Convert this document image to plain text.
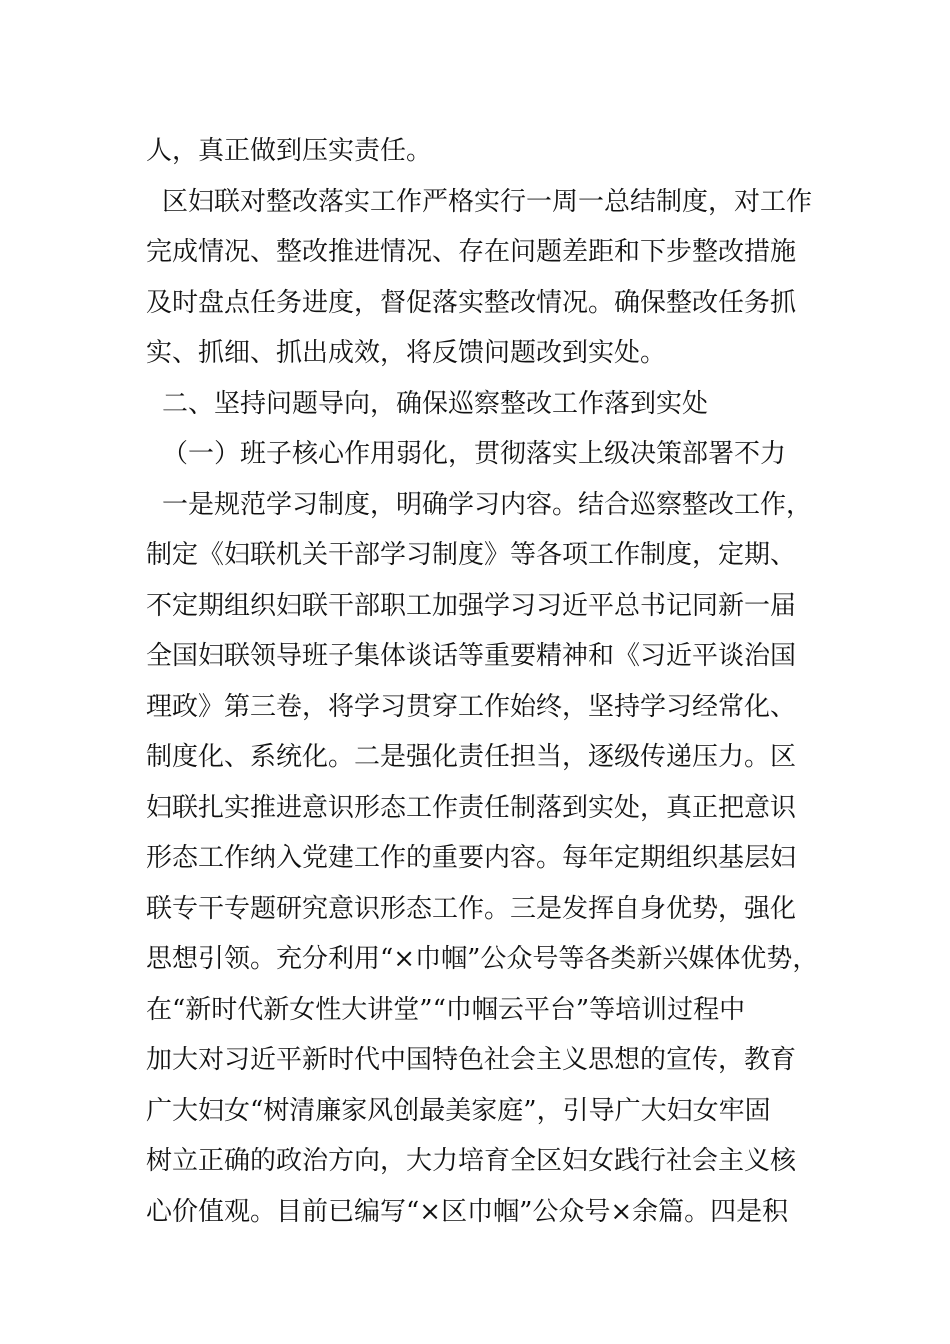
人，真正做到压实责任。
区妇联对整改落实工作严格实行一周一总结制度，对工作
完成情况、整改推进情况、存在问题差距和下步整改措施
及时盘点任务进度，督促落实整改情况。确保整改任务抓
实、抓细、抓出成效，将反馈问题改到实处。
二、坚持问题导向，确保巡察整改工作落到实处
（一）班子核心作用弱化，贯彻落实上级决策部署不力
一是规范学习制度，明确学习内容。结合巡察整改工作，
制定《妇联机关干部学习制度》等各项工作制度，定期、
不定期组织妇联干部职工加强学习习近平总书记同新一届
全国妇联领导班子集体谈话等重要精神和《习近平谈治国
理政》第三卷，将学习贯穿工作始终，坚持学习经常化、
制度化、系统化。二是强化责任担当，逐级传递压力。区
妇联扎实推进意识形态工作责任制落到实处，真正把意识
形态工作纳入党建工作的重要内容。每年定期组织基层妇
联专干专题研究意识形态工作。三是发挥自身优势，强化
思想引领。充分利用“×巾帼”公众号等各类新兴媒体优势，
在“新时代新女性大讲堂”“巾帼云平台”等培训过程中
加大对习近平新时代中国特色社会主义思想的宣传，教育
广大妇女“树清廉家风创最美家庭”，引导广大妇女牢固
树立正确的政治方向，大力培育全区妇女践行社会主义核
心价值观。目前已编写“×区巾帼”公众号×余篇。四是积
